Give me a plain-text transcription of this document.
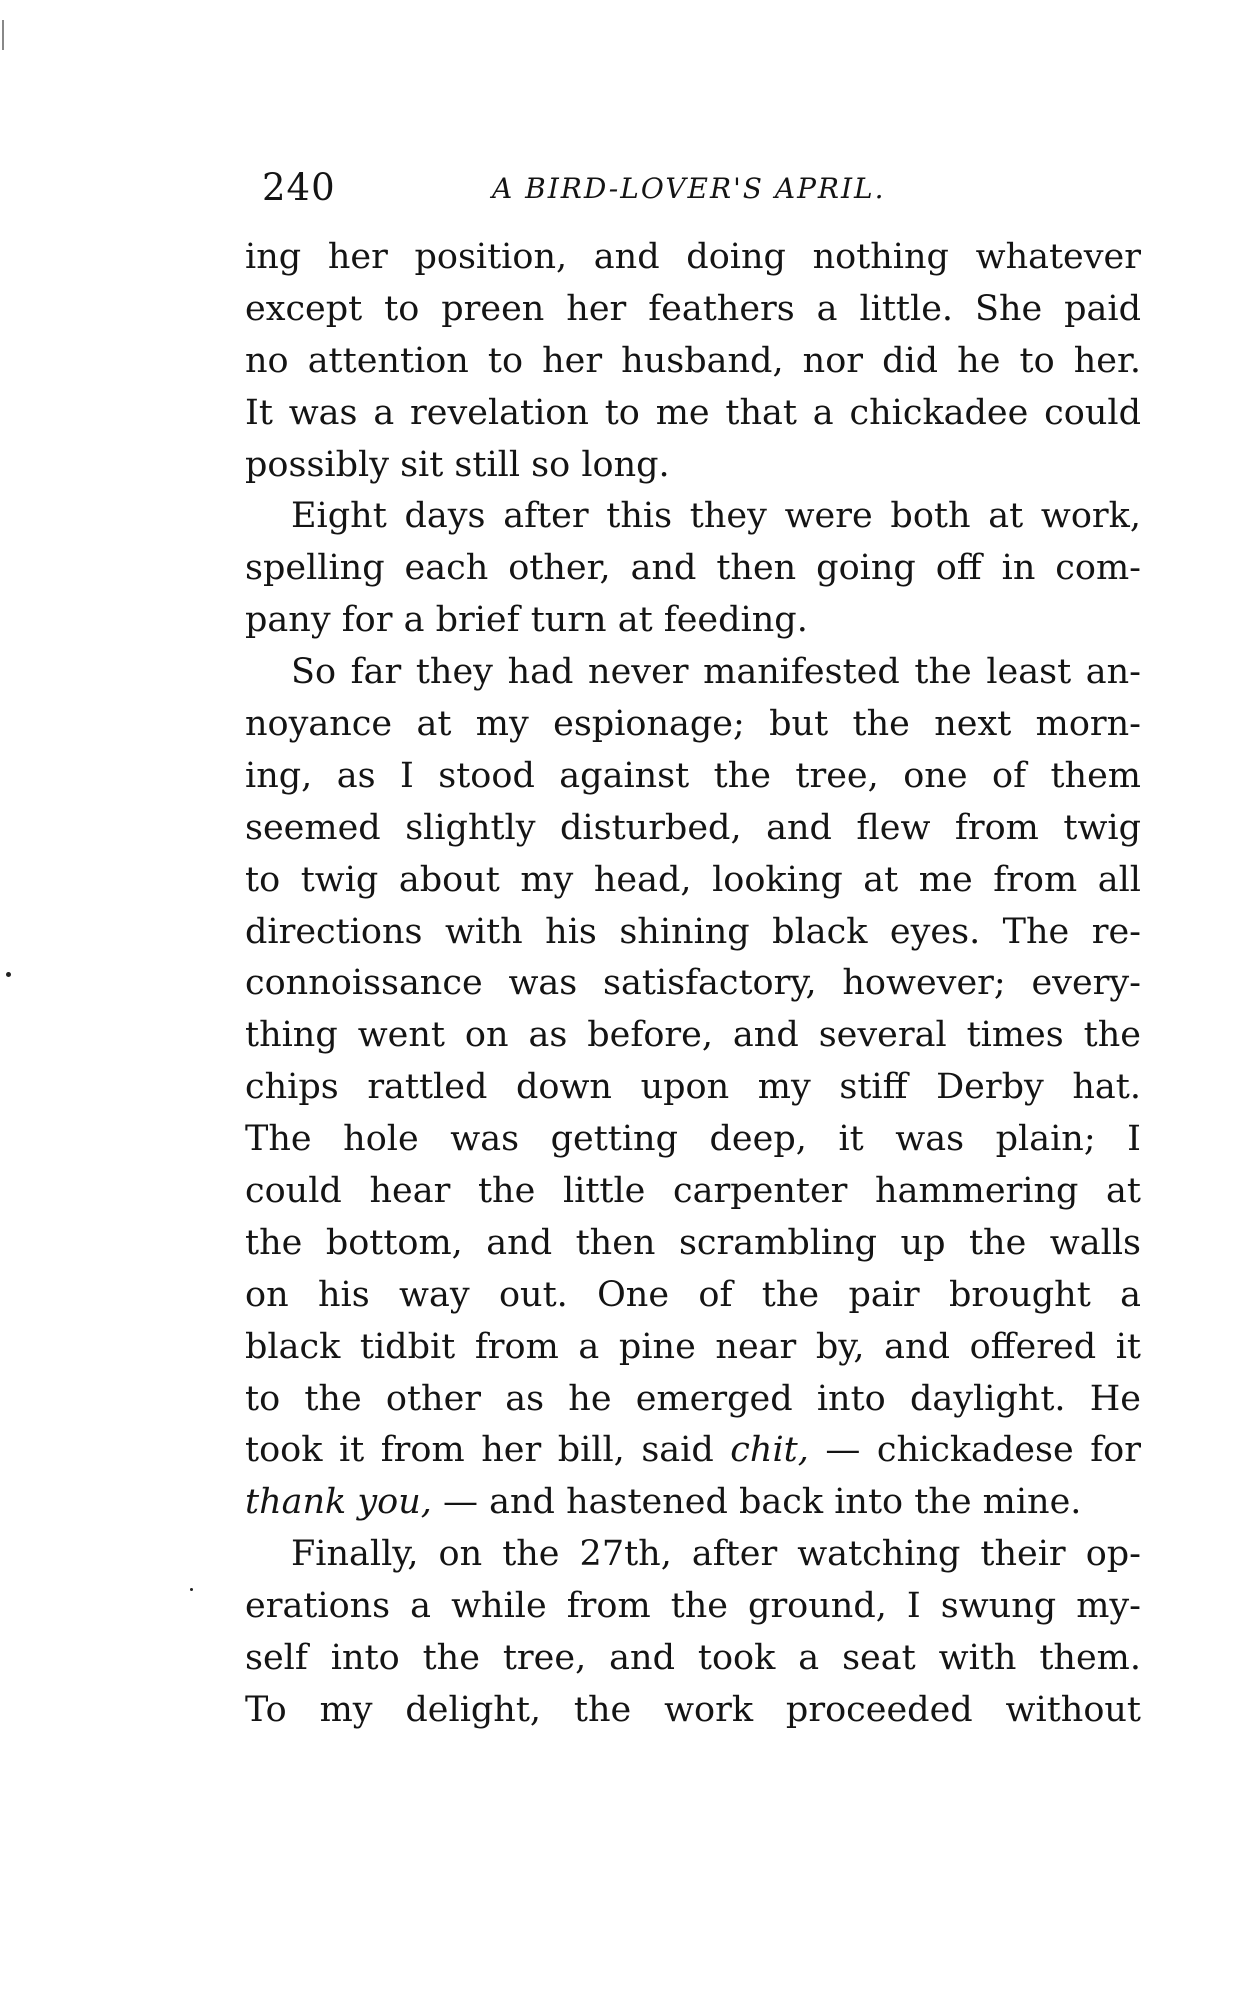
240	A BIRD-LOVER'S APRIL.
ing her position, and doing nothing whatever
except to preen her feathers a little. She paid
no attention to her husband, nor did he to her.
It was a revelation to me that a chickadee could
possibly sit still so long.
Eight days after this they were both at work,
spelling each other, and then going off in com-
pany for a brief turn at feeding.
So far they had never manifested the least an-
noyance at my espionage; but the next morn-
ing, as I stood against the tree, one of them
seemed slightly disturbed, and flew from twig
to twig about my head, looking at me from all
directions with his shining black eyes. The re-
connoissance was satisfactory, however; every-
thing went on as before, and several times the
chips rattled down upon my stiff Derby hat.
The hole was getting deep, it was plain; I
could hear the little carpenter hammering at
the bottom, and then scrambling up the walls
on his way out. One of the pair brought a
black tidbit from a pine near by, and offered it
to the other as he emerged into daylight. He
took it from her bill, said chit, — chickadese for
thank you, — and hastened back into the mine.
Finally, on the 27th, after watching their op-
erations a while from the ground, I swung my-
self into the tree, and took a seat with them.
To my delight, the work proceeded without
